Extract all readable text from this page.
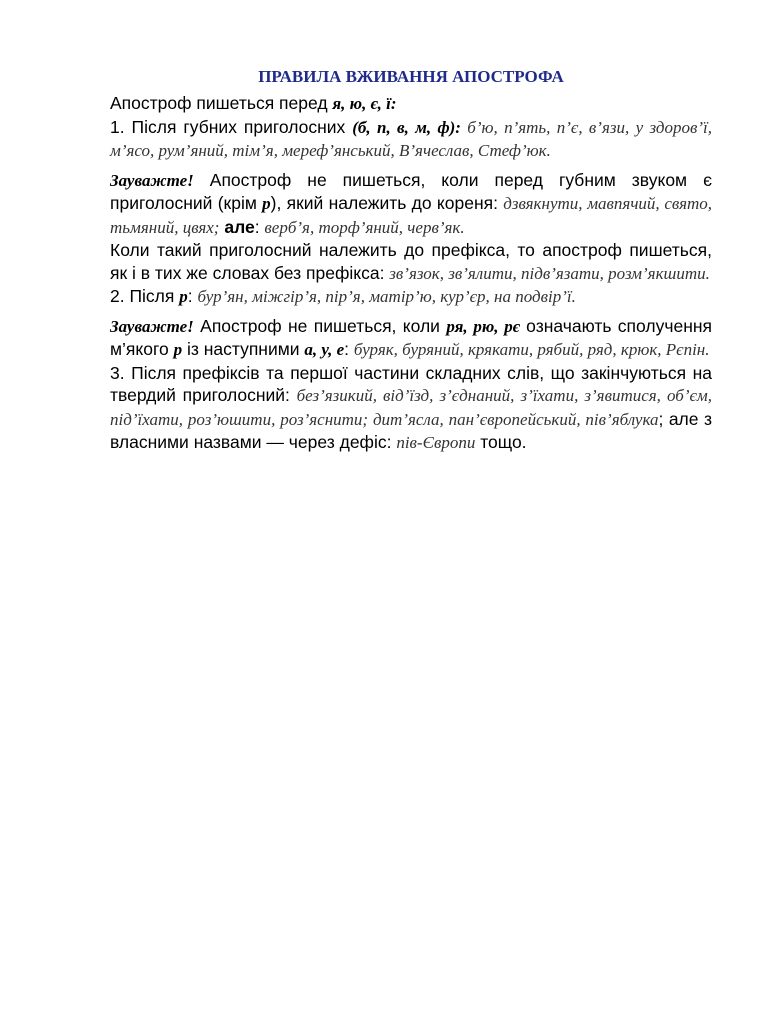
ПРАВИЛА ВЖИВАННЯ АПОСТРОФА

Апостроф пишеться перед я, ю, є, ї:

1. Після губних приголосних (б, п, в, м, ф): б’ю, п’ять, п’є, в’язи, у здоров’ї, м’ясо, рум’яний, тім’я, мереф’янський, В’ячеслав, Стеф’юк.

Зауважте! Апостроф не пишеться, коли перед губним звуком є приголосний (крім р), який належить до кореня: дзвякнути, мавпячий, свято, тьмяний, цвях; але: верб’я, торф’яний, черв’як.

Коли такий приголосний належить до префікса, то апостроф пишеться, як і в тих же словах без префікса: зв’язок, зв’ялити, підв’язати, розм’якшити.

2. Після р: бур’ян, міжгір’я, пір’я, матір’ю, кур’єр, на подвір’ї.

Зауважте! Апостроф не пишеться, коли ря, рю, рє означають сполучення м’якого р із наступними а, у, е: буряк, буряний, крякати, рябий, ряд, крюк, Рєпін.

3. Після префіксів та першої частини складних слів, що закінчуються на твердий приголосний: без’язикий, від’їзд, з’єднаний, з’їхати, з’явитися, об’єм, під’їхати, роз’юшити, роз’яснити; дит’ясла, пан’європейський, пів’яблука; але з власними назвами — через дефіс: пів-Європи тощо.
